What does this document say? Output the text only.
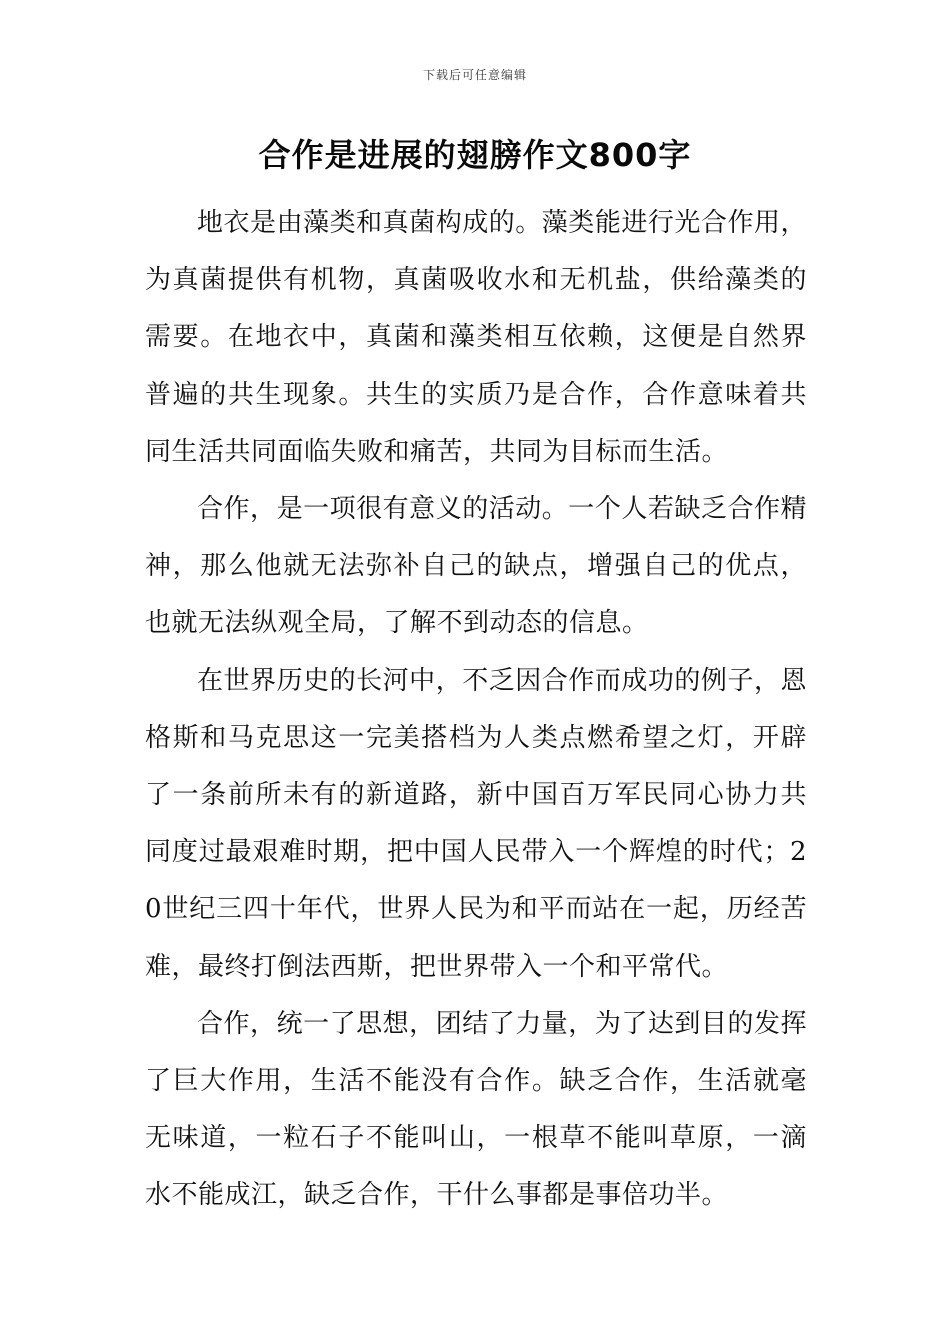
下载后可任意编辑
合作是进展的翅膀作文800字

地衣是由藻类和真菌构成的。藻类能进行光合作用，为真菌提供有机物，真菌吸收水和无机盐，供给藻类的需要。在地衣中，真菌和藻类相互依赖，这便是自然界普遍的共生现象。共生的实质乃是合作，合作意味着共同生活共同面临失败和痛苦，共同为目标而生活。

合作，是一项很有意义的活动。一个人若缺乏合作精神，那么他就无法弥补自己的缺点，增强自己的优点，也就无法纵观全局，了解不到动态的信息。

在世界历史的长河中，不乏因合作而成功的例子，恩格斯和马克思这一完美搭档为人类点燃希望之灯，开辟了一条前所未有的新道路，新中国百万军民同心协力共同度过最艰难时期，把中国人民带入一个辉煌的时代；20世纪三四十年代，世界人民为和平而站在一起，历经苦难，最终打倒法西斯，把世界带入一个和平常代。

合作，统一了思想，团结了力量，为了达到目的发挥了巨大作用，生活不能没有合作。缺乏合作，生活就毫无味道，一粒石子不能叫山，一根草不能叫草原，一滴水不能成江，缺乏合作，干什么事都是事倍功半。
